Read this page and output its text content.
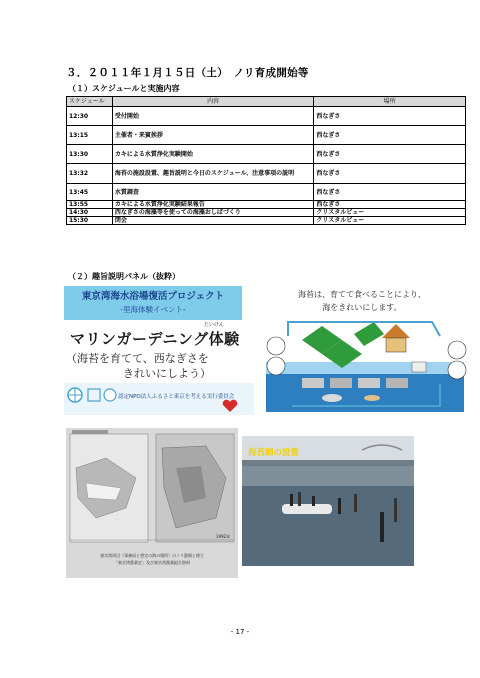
３．２０１１年１月１５日（土）　ノリ育成開始等
（１）スケジュールと実施内容
スケジュール	内容	場所
12:30	受付開始	西なぎさ
13:15	主催者・来賓挨拶	西なぎさ
13:30	カキによる水質浄化実験開始	西なぎさ
13:32	海苔の施設設置、趣旨説明と今日のスケジュール、注意事項の説明	西なぎさ
13:45	水質調査	西なぎさ
13:55	カキによる水質浄化実験結果報告	西なぎさ
14:30	西なぎさの海藻等を使っての海藻おしばづくり	クリスタルビュー
15:30	閉会	クリスタルビュー
（２）趣旨説明パネル（抜粋）
東京湾海水浴場復活プロジェクト
-里海体験イベント-
たいけん
マリンガーデニング体験
（海苔を育てて、西なぎさを
きれいにしよう）
認定NPO法人ふるさと東京を考える実行委員会
海苔は、育てて食べることにより、
海をきれいにします。
1992年
東京湾周辺（事務局と想定の海の場所）のノリ漁場と埋立
「東京湾漁業史」及び東京湾漁業組合資料
海苔網の設置
- 17 -
